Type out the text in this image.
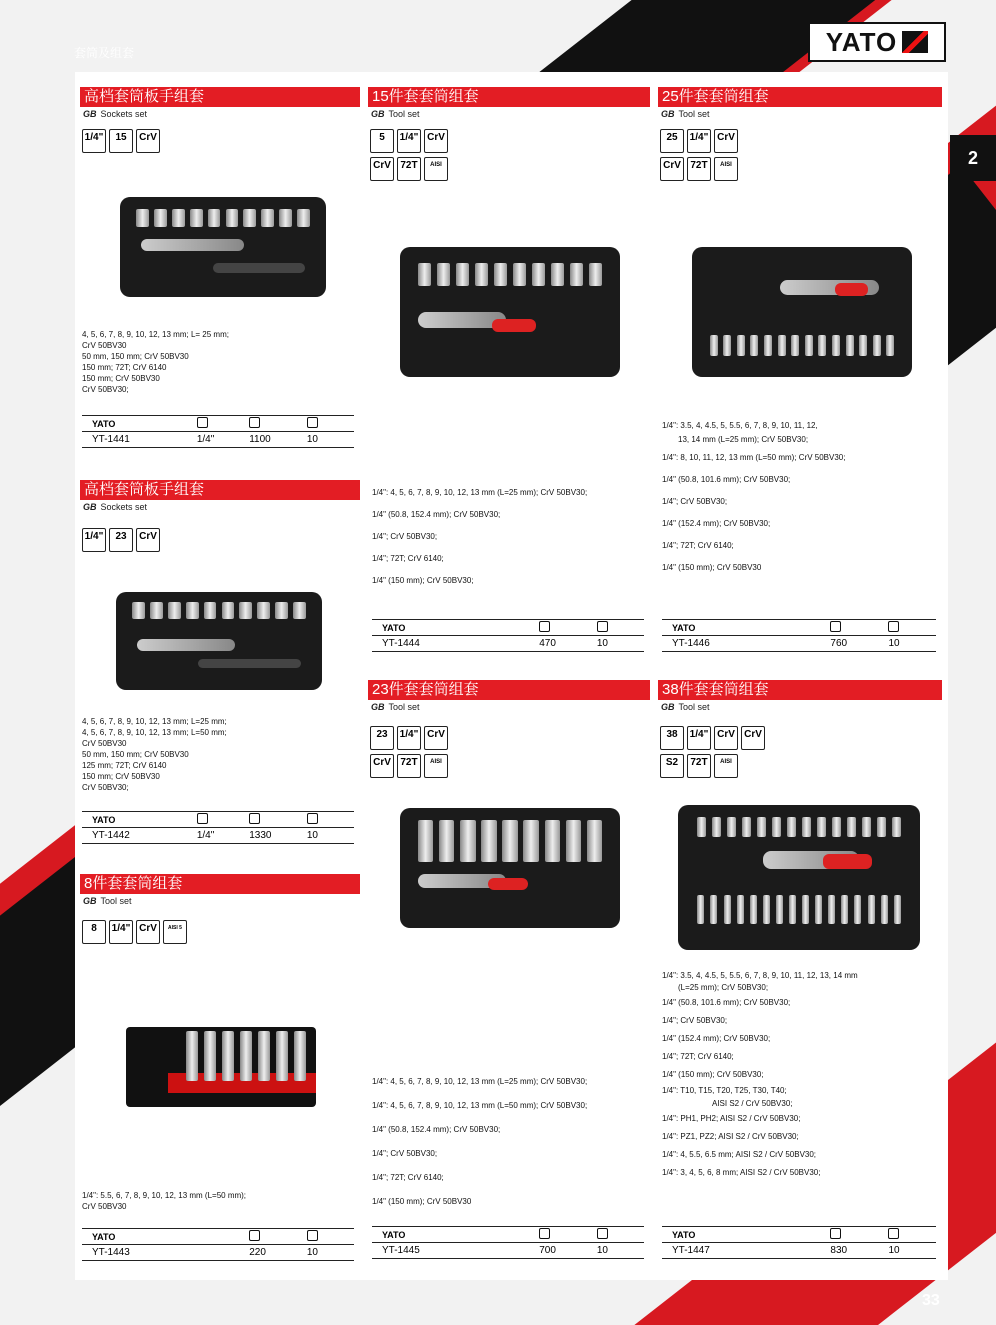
套筒及组套	YATO
2
高档套筒板手组套
GB Sockets set
1/4" 15 CrV
4, 5, 6, 7, 8, 9, 10, 12, 13 mm; L= 25 mm;
CrV 50BV30
50 mm, 150 mm; CrV 50BV30
150 mm; 72T; CrV 6140
150 mm; CrV 50BV30
CrV 50BV30;
YATO
YT-1441	1/4"	1100	10
高档套筒板手组套
GB Sockets set
1/4" 23 CrV
4, 5, 6, 7, 8, 9, 10, 12, 13 mm; L=25 mm;
4, 5, 6, 7, 8, 9, 10, 12, 13 mm; L=50 mm;
CrV 50BV30
50 mm, 150 mm; CrV 50BV30
125 mm; 72T; CrV 6140
150 mm; CrV 50BV30
CrV 50BV30;
YATO
YT-1442	1/4"	1330	10
8件套套筒组套
GB Tool set
8 1/4" CrV AISI 5
1/4": 5.5, 6, 7, 8, 9, 10, 12, 13 mm (L=50 mm);
CrV 50BV30
YATO
YT-1443	220	10
15件套套筒组套
GB Tool set
5 1/4" CrVCrV 72T AISI
1/4": 4, 5, 6, 7, 8, 9, 10, 12, 13 mm (L=25 mm); CrV 50BV30;
1/4" (50.8, 152.4 mm); CrV 50BV30;
1/4"; CrV 50BV30;
1/4"; 72T; CrV 6140;
1/4" (150 mm); CrV 50BV30;
YATO
YT-1444	470	10
23件套套筒组套
GB Tool set
23 1/4" CrVCrV 72T AISI
1/4": 4, 5, 6, 7, 8, 9, 10, 12, 13 mm (L=25 mm); CrV 50BV30;
1/4": 4, 5, 6, 7, 8, 9, 10, 12, 13 mm (L=50 mm); CrV 50BV30;
1/4" (50.8, 152.4 mm); CrV 50BV30;
1/4"; CrV 50BV30;
1/4"; 72T; CrV 6140;
1/4" (150 mm); CrV 50BV30
YATO
YT-1445	700	10
25件套套筒组套
GB Tool set
25 1/4" CrVCrV 72T AISI
1/4": 3.5, 4, 4.5, 5, 5.5, 6, 7, 8, 9, 10, 11, 12,
13, 14 mm (L=25 mm); CrV 50BV30;
1/4": 8, 10, 11, 12, 13 mm (L=50 mm); CrV 50BV30;
1/4" (50.8, 101.6 mm); CrV 50BV30;
1/4"; CrV 50BV30;
1/4" (152.4 mm); CrV 50BV30;
1/4"; 72T; CrV 6140;
1/4" (150 mm); CrV 50BV30
YATO
YT-1446	760	10
38件套套筒组套
GB Tool set
38 1/4" CrV CrV
S2 72T AISI
1/4": 3.5, 4, 4.5, 5, 5.5, 6, 7, 8, 9, 10, 11, 12, 13, 14 mm
(L=25 mm); CrV 50BV30;
1/4" (50.8, 101.6 mm); CrV 50BV30;
1/4"; CrV 50BV30;
1/4" (152.4 mm); CrV 50BV30;
1/4"; 72T; CrV 6140;
1/4" (150 mm); CrV 50BV30;
1/4": T10, T15, T20, T25, T30, T40;
AISI S2 / CrV 50BV30;
1/4": PH1, PH2; AISI S2 / CrV 50BV30;
1/4": PZ1, PZ2; AISI S2 / CrV 50BV30;
1/4": 4, 5.5, 6.5 mm; AISI S2 / CrV 50BV30;
1/4": 3, 4, 5, 6, 8 mm; AISI S2 / CrV 50BV30;
YATO
YT-1447	830	10
33
